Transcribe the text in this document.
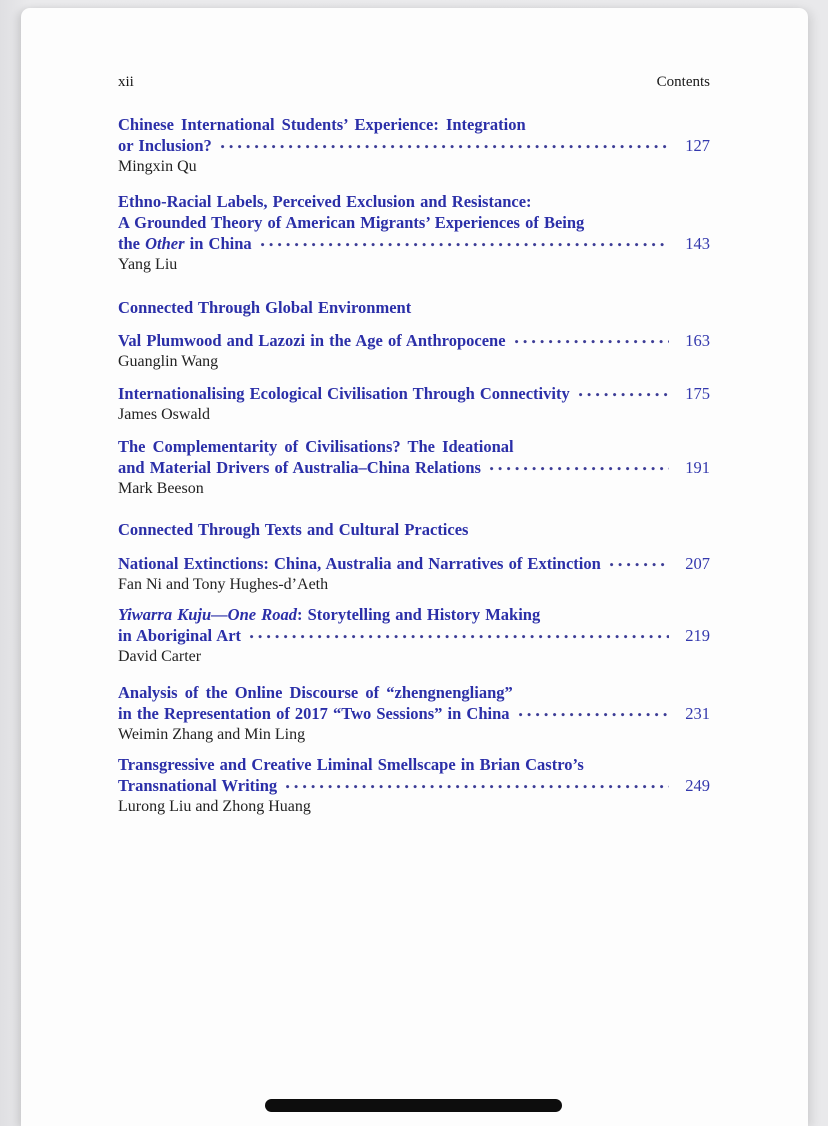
xii	Contents
Chinese International Students’ Experience: Integration
or Inclusion?	127
Mingxin Qu
Ethno-Racial Labels, Perceived Exclusion and Resistance:
A Grounded Theory of American Migrants’ Experiences of Being
the Other in China	143
Yang Liu
Connected Through Global Environment
Val Plumwood and Lazozi in the Age of Anthropocene	163
Guanglin Wang
Internationalising Ecological Civilisation Through Connectivity	175
James Oswald
The Complementarity of Civilisations? The Ideational
and Material Drivers of Australia–China Relations	191
Mark Beeson
Connected Through Texts and Cultural Practices
National Extinctions: China, Australia and Narratives of Extinction	207
Fan Ni and Tony Hughes-d’Aeth
Yiwarra Kuju—One Road: Storytelling and History Making
in Aboriginal Art	219
David Carter
Analysis of the Online Discourse of “zhengnengliang”
in the Representation of 2017 “Two Sessions” in China	231
Weimin Zhang and Min Ling
Transgressive and Creative Liminal Smellscape in Brian Castro’s
Transnational Writing	249
Lurong Liu and Zhong Huang
